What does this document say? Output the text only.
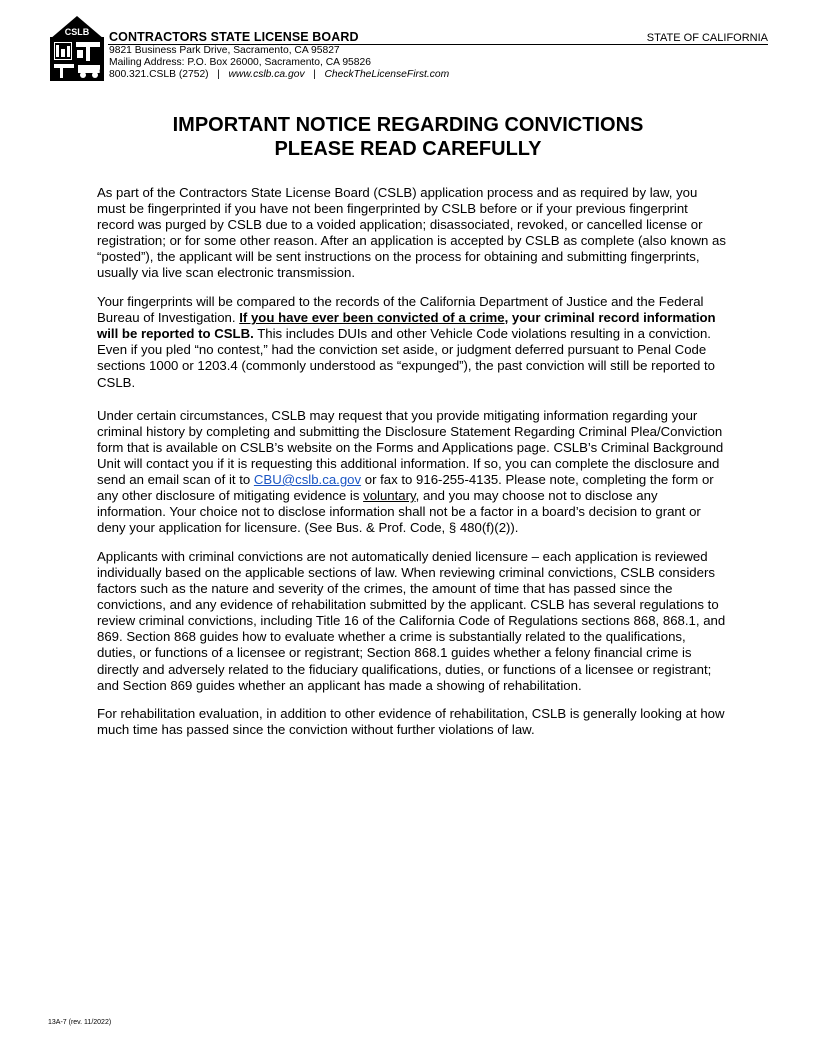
CSLB
®
CONTRACTORS STATE LICENSE BOARD	STATE OF CALIFORNIA
9821 Business Park Drive, Sacramento, CA 95827
Mailing Address: P.O. Box 26000, Sacramento, CA 95826
800.321.CSLB (2752) | www.cslb.ca.gov | CheckTheLicenseFirst.com
IMPORTANT NOTICE REGARDING CONVICTIONS
PLEASE READ CAREFULLY

As part of the Contractors State License Board (CSLB) application process and as required by law, you must be fingerprinted if you have not been fingerprinted by CSLB before or if your previous fingerprint record was purged by CSLB due to a voided application; disassociated, revoked, or cancelled license or registration; or for some other reason. After an application is accepted by CSLB as complete (also known as “posted”), the applicant will be sent instructions on the process for obtaining and submitting fingerprints, usually via live scan electronic transmission.

Your fingerprints will be compared to the records of the California Department of Justice and the Federal Bureau of Investigation. If you have ever been convicted of a crime, your criminal record information will be reported to CSLB. This includes DUIs and other Vehicle Code violations resulting in a conviction. Even if you pled “no contest,” had the conviction set aside, or judgment deferred pursuant to Penal Code sections 1000 or 1203.4 (commonly understood as “expunged”), the past conviction will still be reported to CSLB.

Under certain circumstances, CSLB may request that you provide mitigating information regarding your criminal history by completing and submitting the Disclosure Statement Regarding Criminal Plea/Conviction form that is available on CSLB’s website on the Forms and Applications page. CSLB’s Criminal Background Unit will contact you if it is requesting this additional information. If so, you can complete the disclosure and send an email scan of it to CBU@cslb.ca.gov or fax to 916-255-4135. Please note, completing the form or any other disclosure of mitigating evidence is voluntary, and you may choose not to disclose any information. Your choice not to disclose information shall not be a factor in a board’s decision to grant or deny your application for licensure. (See Bus. & Prof. Code, § 480(f)(2)).

Applicants with criminal convictions are not automatically denied licensure – each application is reviewed individually based on the applicable sections of law. When reviewing criminal convictions, CSLB considers factors such as the nature and severity of the crimes, the amount of time that has passed since the convictions, and any evidence of rehabilitation submitted by the applicant. CSLB has several regulations to review criminal convictions, including Title 16 of the California Code of Regulations sections 868, 868.1, and 869. Section 868 guides how to evaluate whether a crime is substantially related to the qualifications, duties, or functions of a licensee or registrant; Section 868.1 guides whether a felony financial crime is directly and adversely related to the fiduciary qualifications, duties, or functions of a licensee or registrant; and Section 869 guides whether an applicant has made a showing of rehabilitation.

For rehabilitation evaluation, in addition to other evidence of rehabilitation, CSLB is generally looking at how much time has passed since the conviction without further violations of law.

13A-7 (rev. 11/2022)
